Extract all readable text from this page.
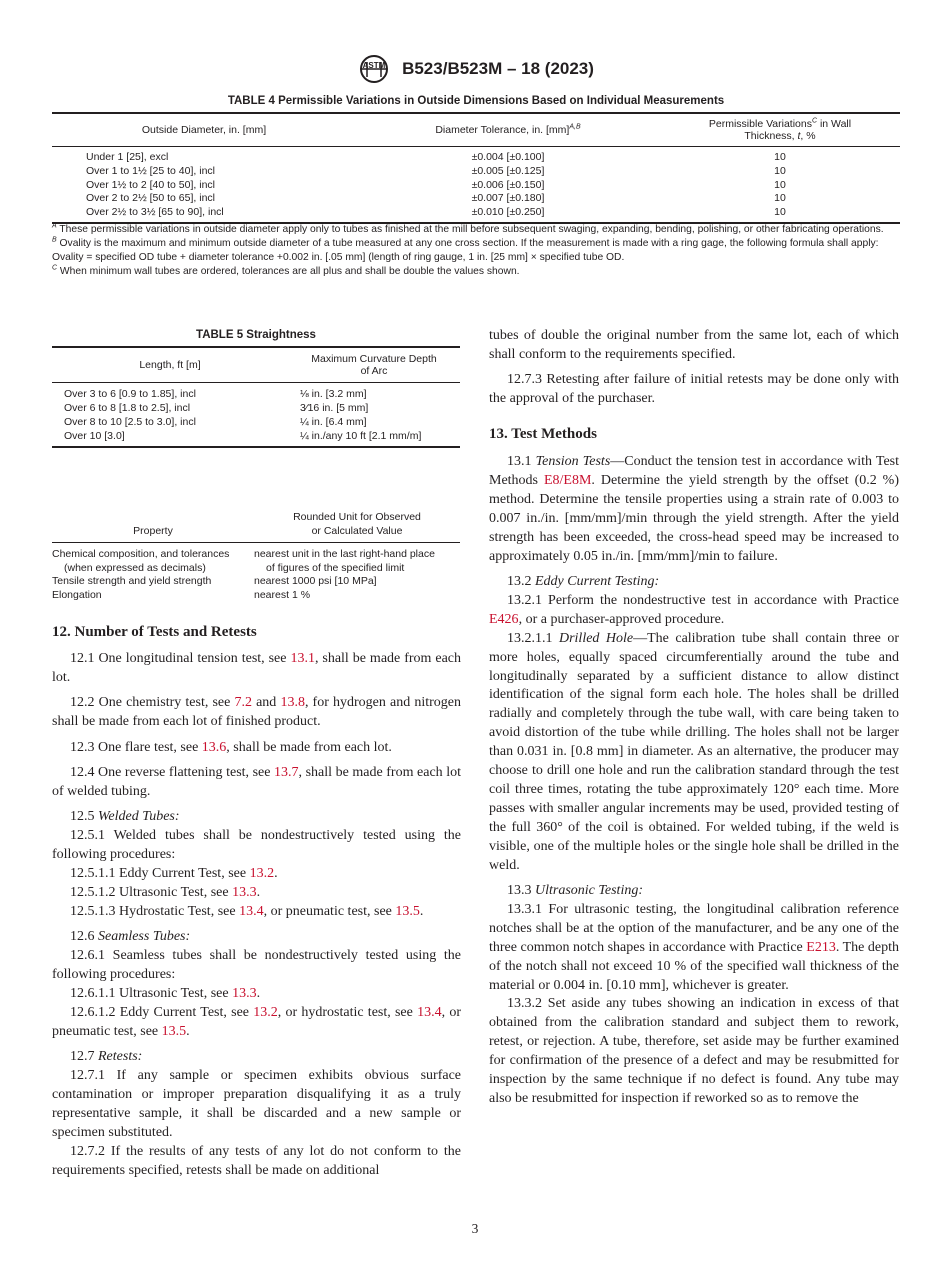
ASTM B523/B523M – 18 (2023)
TABLE 4 Permissible Variations in Outside Dimensions Based on Individual Measurements
Outside Diameter, in. [mm]	Diameter Tolerance, in. [mm]$^{A,B}$	Permissible Variations$^C$ in Wall
Thickness, t, %
Under 1 [25], excl	±0.004 [±0.100]	10
Over 1 to 1½ [25 to 40], incl	±0.005 [±0.125]	10
Over 1½ to 2 [40 to 50], incl	±0.006 [±0.150]	10
Over 2 to 2½ [50 to 65], incl	±0.007 [±0.180]	10
Over 2½ to 3½ [65 to 90], incl	±0.010 [±0.250]	10

$^A$ These permissible variations in outside diameter apply only to tubes as finished at the mill before subsequent swaging, expanding, bending, polishing, or other fabricating operations.

$^B$ Ovality is the maximum and minimum outside diameter of a tube measured at any one cross section. If the measurement is made with a ring gage, the following formula shall apply: Ovality = specified OD tube + diameter tolerance +0.002 in. [.05 mm] (length of ring gauge, 1 in. [25 mm] × specified tube OD.

$^C$ When minimum wall tubes are ordered, tolerances are all plus and shall be double the values shown.

TABLE 5 Straightness
Length, ft [m]	Maximum Curvature Depth
of Arc
Over 3 to 6 [0.9 to 1.85], incl	⅛ in. [3.2 mm]
Over 6 to 8 [1.8 to 2.5], incl	3⁄16 in. [5 mm]
Over 8 to 10 [2.5 to 3.0], incl	¼ in. [6.4 mm]
Over 10 [3.0]	¼ in./any 10 ft [2.1 mm/m]
Property	Rounded Unit for Observed
or Calculated Value
Chemical composition, and tolerances
(when expressed as decimals)	nearest unit in the last right-hand place
of figures of the specified limit
Tensile strength and yield strength	nearest 1000 psi [10 MPa]
Elongation	nearest 1 %
12. Number of Tests and Retests

12.1 One longitudinal tension test, see 13.1, shall be made from each lot.

12.2 One chemistry test, see 7.2 and 13.8, for hydrogen and nitrogen shall be made from each lot of finished product.

12.3 One flare test, see 13.6, shall be made from each lot.

12.4 One reverse flattening test, see 13.7, shall be made from each lot of welded tubing.

12.5 Welded Tubes:

12.5.1 Welded tubes shall be nondestructively tested using the following procedures:

12.5.1.1 Eddy Current Test, see 13.2.

12.5.1.2 Ultrasonic Test, see 13.3.

12.5.1.3 Hydrostatic Test, see 13.4, or pneumatic test, see 13.5.

12.6 Seamless Tubes:

12.6.1 Seamless tubes shall be nondestructively tested using the following procedures:

12.6.1.1 Ultrasonic Test, see 13.3.

12.6.1.2 Eddy Current Test, see 13.2, or hydrostatic test, see 13.4, or pneumatic test, see 13.5.

12.7 Retests:

12.7.1 If any sample or specimen exhibits obvious surface contamination or improper preparation disqualifying it as a truly representative sample, it shall be discarded and a new sample or specimen substituted.

12.7.2 If the results of any tests of any lot do not conform to the requirements specified, retests shall be made on additional

tubes of double the original number from the same lot, each of which shall conform to the requirements specified.

12.7.3 Retesting after failure of initial retests may be done only with the approval of the purchaser.

13. Test Methods

13.1 Tension Tests—Conduct the tension test in accordance with Test Methods E8/E8M. Determine the yield strength by the offset (0.2 %) method. Determine the tensile properties using a strain rate of 0.003 to 0.007 in./in. [mm/mm]/min through the yield strength. After the yield strength has been exceeded, the cross-head speed may be increased to approximately 0.05 in./in. [mm/mm]/min to failure.

13.2 Eddy Current Testing:

13.2.1 Perform the nondestructive test in accordance with Practice E426, or a purchaser-approved procedure.

13.2.1.1 Drilled Hole—The calibration tube shall contain three or more holes, equally spaced circumferentially around the tube and longitudinally separated by a sufficient distance to allow distinct identification of the signal form each hole. The holes shall be drilled radially and completely through the tube wall, with care being taken to avoid distortion of the tube while drilling. The holes shall not be larger than 0.031 in. [0.8 mm] in diameter. As an alternative, the producer may choose to drill one hole and run the calibration standard through the test coil three times, rotating the tube approximately 120° each time. More passes with smaller angular increments may be used, provided testing of the full 360° of the coil is obtained. For welded tubing, if the weld is visible, one of the multiple holes or the single hole shall be drilled in the weld.

13.3 Ultrasonic Testing:

13.3.1 For ultrasonic testing, the longitudinal calibration reference notches shall be at the option of the manufacturer, and be any one of the three common notch shapes in accordance with Practice E213. The depth of the notch shall not exceed 10 % of the specified wall thickness of the material or 0.004 in. [0.10 mm], whichever is greater.

13.3.2 Set aside any tubes showing an indication in excess of that obtained from the calibration standard and subject them to rework, retest, or rejection. A tube, therefore, set aside may be further examined for confirmation of the presence of a defect and may be resubmitted for inspection by the same technique if no defect is found. Any tube may also be resubmitted for inspection if reworked so as to remove the

3
